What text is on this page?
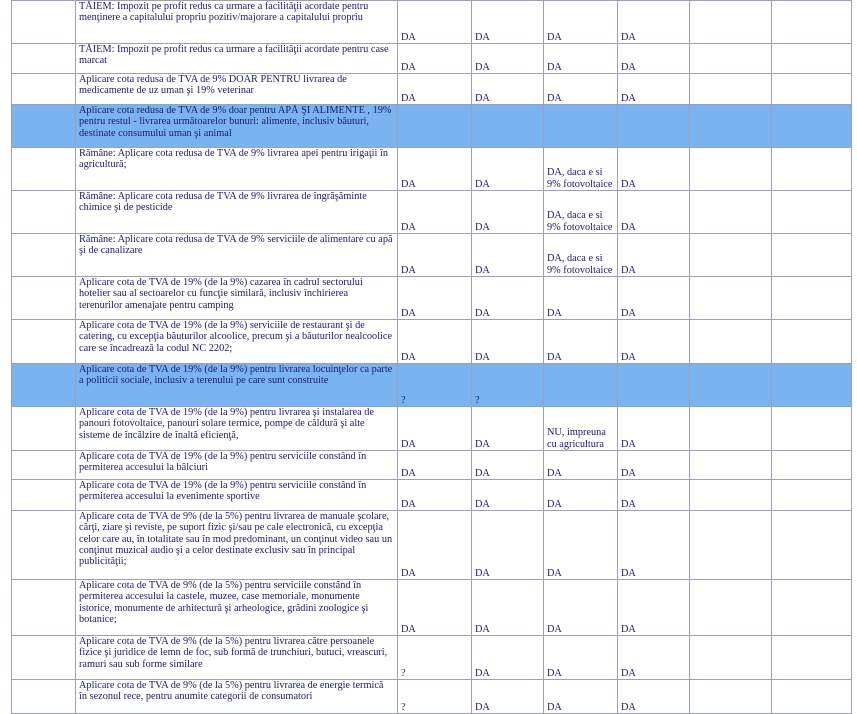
	TĂIEM: Impozit pe profit redus ca urmare a facilităţii acordate pentru menţinere a capitalului propriu pozitiv/majorare a capitalului propriu	DA	DA	DA	DA		
	TĂIEM: Impozit pe profit redus ca urmare a facilităţii acordate pentru case marcat	DA	DA	DA	DA		
	Aplicare cota redusa de TVA de 9% DOAR PENTRU livrarea de medicamente de uz uman şi 19% veterinar	DA	DA	DA	DA		
	Aplicare cota redusa de TVA de 9% doar pentru APĂ ŞI ALIMENTE , 19% pentru restul - livrarea următoarelor bunuri: alimente, inclusiv băuturi, destinate consumului uman şi animal						
	Rămâne: Aplicare cota redusa de TVA de 9% livrarea apei pentru irigaţii în agricultură;	DA	DA	DA, daca e si 9% fotovoltaice	DA		
	Rămâne: Aplicare cota redusa de TVA de 9% livrarea de îngrăşăminte chimice şi de pesticide	DA	DA	DA, daca e si 9% fotovoltaice	DA		
	Rămâne: Aplicare cota redusa de TVA de 9% serviciile de alimentare cu apă şi de canalizare	DA	DA	DA, daca e si 9% fotovoltaice	DA		
	Aplicare cota de TVA de 19% (de la 9%) cazarea în cadrul sectorului hotelier sau al sectoarelor cu funcţie similară, inclusiv închirierea terenurilor amenajate pentru camping	DA	DA	DA	DA		
	Aplicare cota de TVA de 19% (de la 9%) serviciile de restaurant şi de catering, cu excepţia băuturilor alcoolice, precum şi a băuturilor nealcoolice care se încadrează la codul NC 2202;	DA	DA	DA	DA		
	Aplicare cota de TVA de 19% (de la 9%) pentru livrarea locuinţelor ca parte a politicii sociale, inclusiv a terenului pe care sunt construite	?	?				
	Aplicare cota de TVA de 19% (de la 9%) pentru livrarea şi instalarea de panouri fotovoltaice, panouri solare termice, pompe de căldură şi alte sisteme de încălzire de înaltă eficienţă,	DA	DA	NU, impreuna cu agricultura	DA		
	Aplicare cota de TVA de 19% (de la 9%) pentru serviciile constând în permiterea accesului la bâlciuri	DA	DA	DA	DA		
	Aplicare cota de TVA de 19% (de la 9%) pentru serviciile constând în permiterea accesului la evenimente sportive	DA	DA	DA	DA		
	Aplicare cota de TVA de 9% (de la 5%) pentru livrarea de manuale şcolare, cărţi, ziare şi reviste, pe suport fizic şi/sau pe cale electronică, cu excepţia celor care au, în totalitate sau în mod predominant, un conţinut video sau un conţinut muzical audio şi a celor destinate exclusiv sau în principal publicităţii;	DA	DA	DA	DA		
	Aplicare cota de TVA de 9% (de la 5%) pentru serviciile constând în permiterea accesului la castele, muzee, case memoriale, monumente istorice, monumente de arhitectură şi arheologice, grădini zoologice şi botanice;	DA	DA	DA	DA		
	Aplicare cota de TVA de 9% (de la 5%) pentru livrarea către persoanele fizice şi juridice de lemn de foc, sub formă de trunchiuri, butuci, vreascuri, ramuri sau sub forme similare	?	DA	DA	DA		
	Aplicare cota de TVA de 9% (de la 5%) pentru livrarea de energie termică în sezonul rece, pentru anumite categorii de consumatori	?	DA	DA	DA		
